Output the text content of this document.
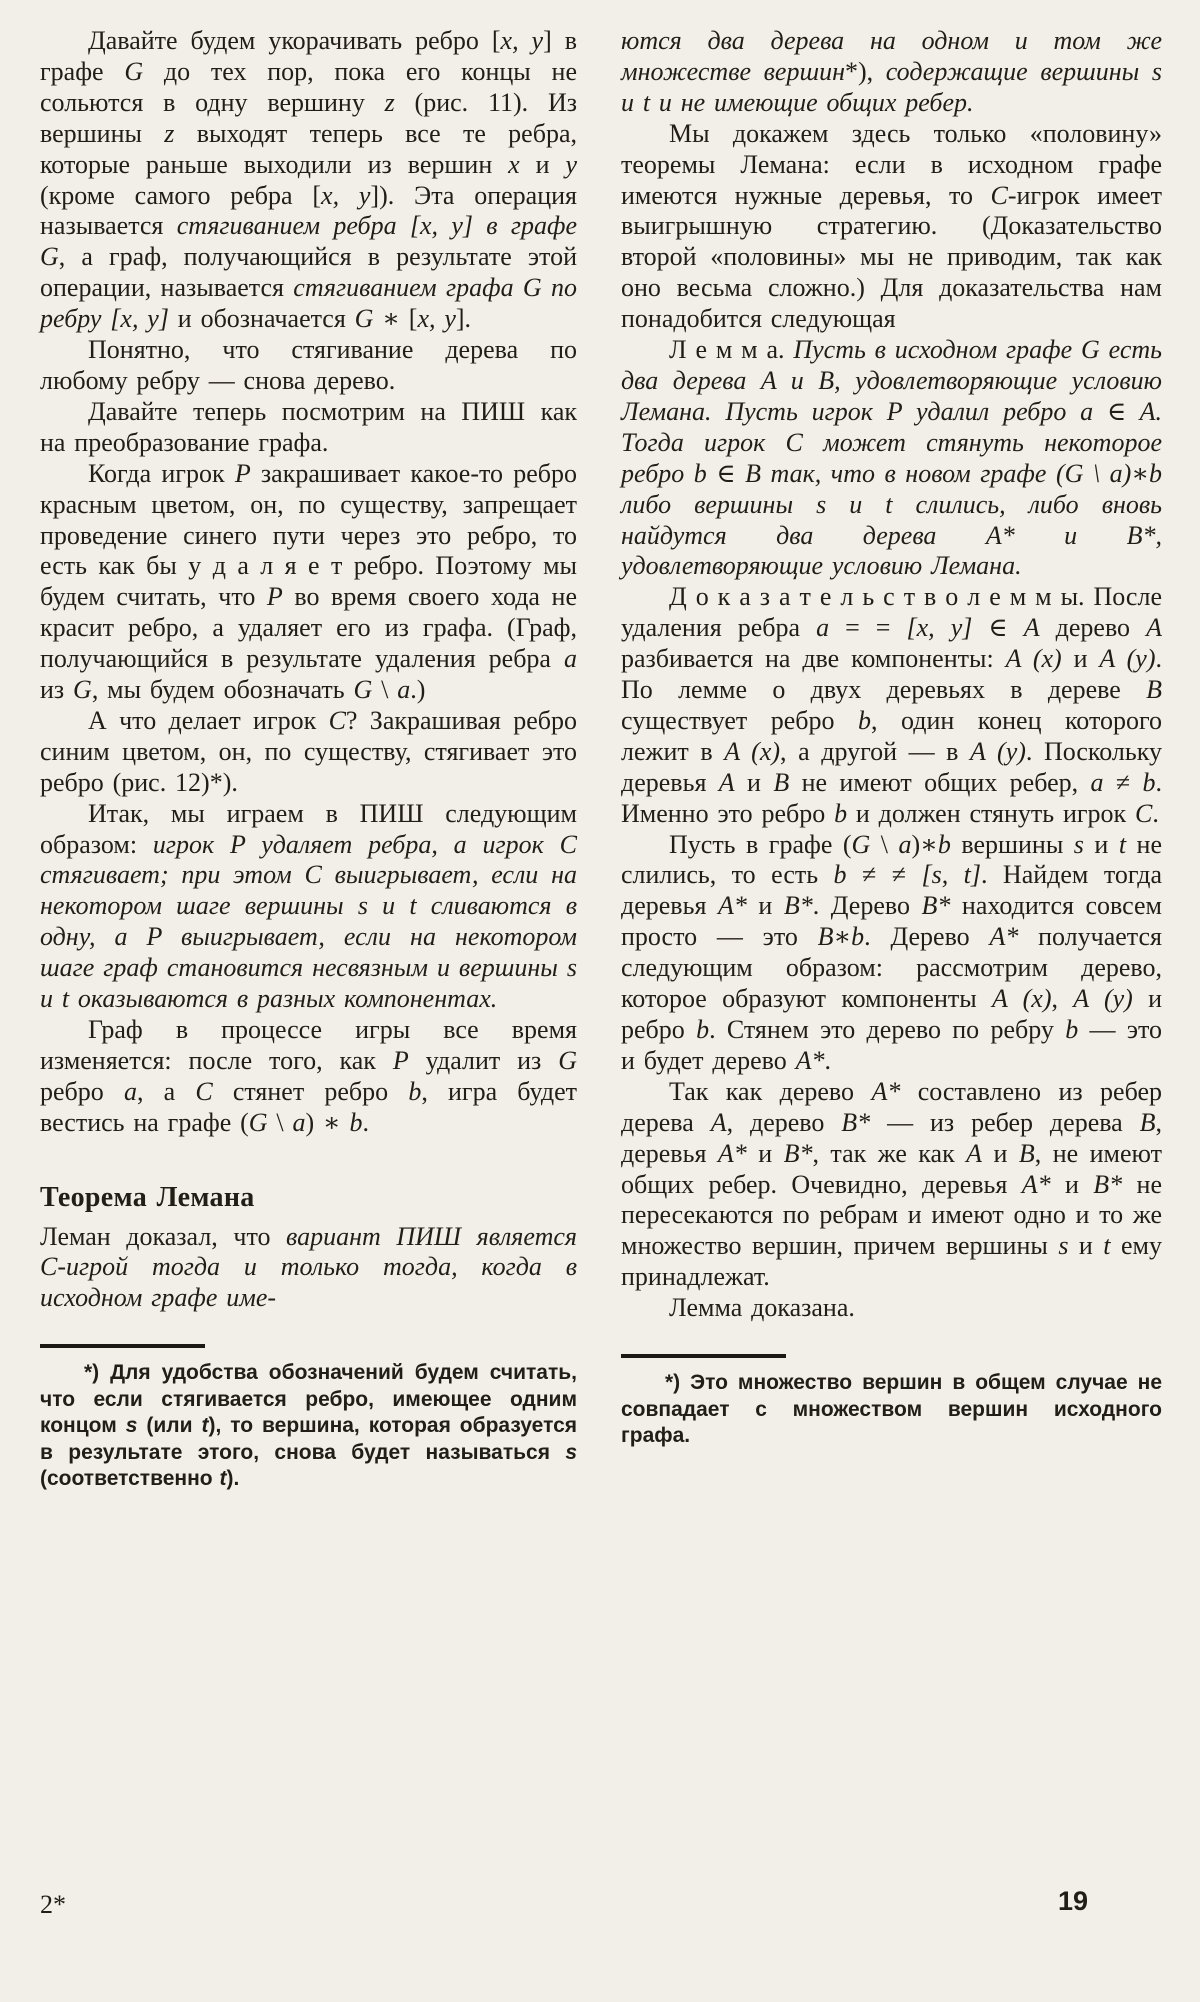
Давайте будем укорачивать ребро [x, y] в графе G до тех пор, пока его концы не сольются в одну вершину z (рис. 11). Из вершины z выходят теперь все те ребра, которые раньше выходили из вершин x и y (кроме самого ребра [x, y]). Эта операция называется стягиванием ребра [x, y] в графе G, а граф, получающийся в результате этой операции, называется стягиванием графа G по ребру [x, y] и обозначается G ∗ [x, y].

Понятно, что стягивание дерева по любому ребру — снова дерево.

Давайте теперь посмотрим на ПИШ как на преобразование графа.

Когда игрок P закрашивает какое-то ребро красным цветом, он, по существу, запрещает проведение синего пути через это ребро, то есть как бы у д а л я е т ребро. Поэтому мы будем считать, что P во время своего хода не красит ребро, а удаляет его из графа. (Граф, получающийся в результате удаления ребра a из G, мы будем обозначать G \ a.)

А что делает игрок C? Закрашивая ребро синим цветом, он, по существу, стягивает это ребро (рис. 12)*).

Итак, мы играем в ПИШ следующим образом: игрок P удаляет ребра, а игрок C стягивает; при этом C выигрывает, если на некотором шаге вершины s и t сливаются в одну, а P выигрывает, если на некотором шаге граф становится несвязным и вершины s и t оказываются в разных компонентах.

Граф в процессе игры все время изменяется: после того, как P удалит из G ребро a, а C стянет ребро b, игра будет вестись на графе (G \ a) ∗ b.

Теорема Лемана

Леман доказал, что вариант ПИШ является C-игрой тогда и только тогда, когда в исходном графе име-

*) Для удобства обозначений будем считать, что если стягивается ребро, имеющее одним концом s (или t), то вершина, которая образуется в результате этого, снова будет называться s (соответственно t).

ются два дерева на одном и том же множестве вершин*), содержащие вершины s и t и не имеющие общих ребер.

Мы докажем здесь только «половину» теоремы Лемана: если в исходном графе имеются нужные деревья, то C-игрок имеет выигрышную стратегию. (Доказательство второй «половины» мы не приводим, так как оно весьма сложно.) Для доказательства нам понадобится следующая

Л е м м а. Пусть в исходном графе G есть два дерева A и B, удовлетворяющие условию Лемана. Пусть игрок P удалил ребро a ∈ A. Тогда игрок C может стянуть некоторое ребро b ∈ B так, что в новом графе (G \ a)∗b либо вершины s и t слились, либо вновь найдутся два дерева A* и B*, удовлетворяющие условию Лемана.

Д о к а з а т е л ь с т в о л е м м ы. После удаления ребра a = = [x, y] ∈ A дерево A разбивается на две компоненты: A (x) и A (y). По лемме о двух деревьях в дереве B существует ребро b, один конец которого лежит в A (x), а другой — в A (y). Поскольку деревья A и B не имеют общих ребер, a ≠ b. Именно это ребро b и должен стянуть игрок C.

Пусть в графе (G \ a)∗b вершины s и t не слились, то есть b ≠ ≠ [s, t]. Найдем тогда деревья A* и B*. Дерево B* находится совсем просто — это B∗b. Дерево A* получается следующим образом: рассмотрим дерево, которое образуют компоненты A (x), A (y) и ребро b. Стянем это дерево по ребру b — это и будет дерево A*.

Так как дерево A* составлено из ребер дерева A, дерево B* — из ребер дерева B, деревья A* и B*, так же как A и B, не имеют общих ребер. Очевидно, деревья A* и B* не пересекаются по ребрам и имеют одно и то же множество вершин, причем вершины s и t ему принадлежат.

Лемма доказана.

*) Это множество вершин в общем случае не совпадает с множеством вершин исходного графа.

2*	19
